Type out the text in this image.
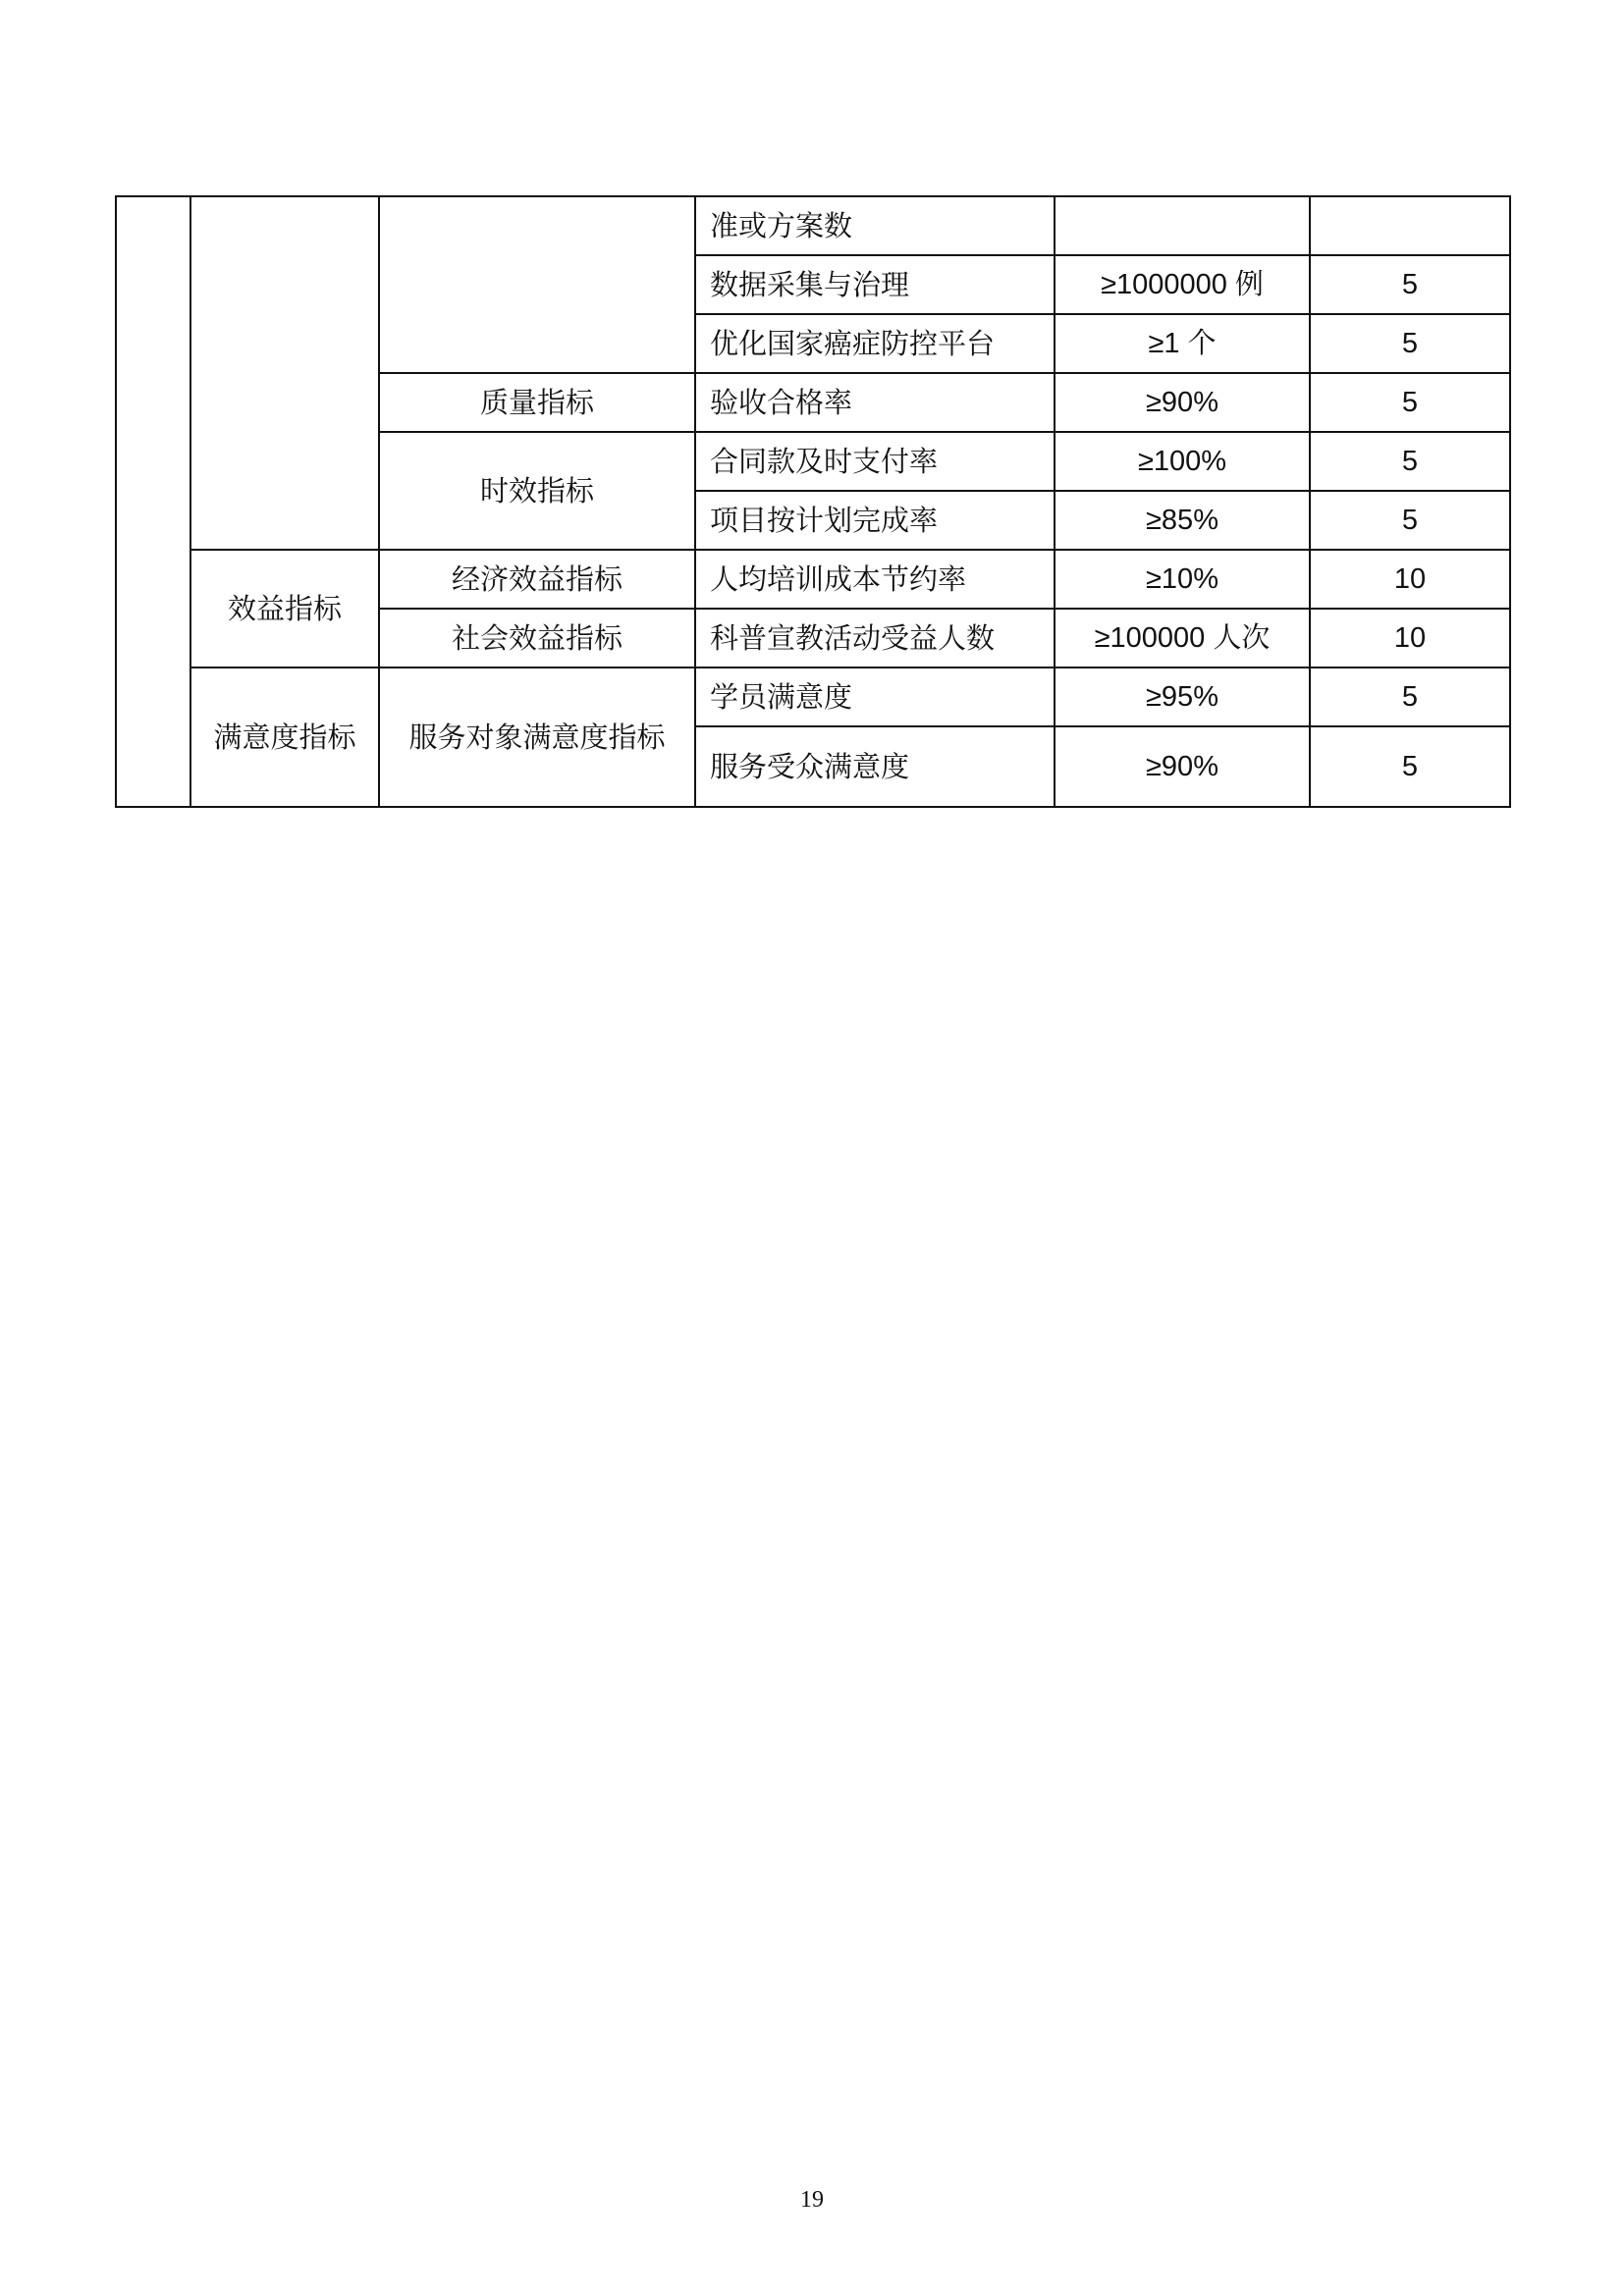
			准或方案数		
			数据采集与治理	≥1000000 例	5
			优化国家癌症防控平台	≥1 个	5
		质量指标	验收合格率	≥90%	5
		时效指标	合同款及时支付率	≥100%	5
			项目按计划完成率	≥85%	5
	效益指标	经济效益指标	人均培训成本节约率	≥10%	10
		社会效益指标	科普宣教活动受益人数	≥100000 人次	10
	满意度指标	服务对象满意度指标	学员满意度	≥95%	5
			服务受众满意度	≥90%	5
19
